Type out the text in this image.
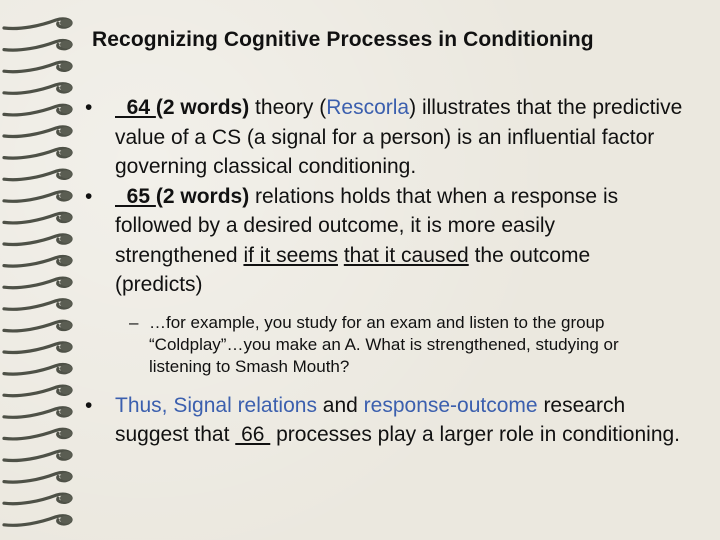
Recognizing Cognitive Processes in Conditioning
•	64 (2 words) theory (Rescorla) illustrates that the predictive value of a CS (a signal for a person) is an influential factor governing classical conditioning.
•	65 (2 words) relations holds that when a response is followed by a desired outcome, it is more easily strengthened if it seems that it caused the outcome (predicts)
– …for example, you study for an exam and listen to the group “Coldplay”…you make an A. What is strengthened, studying or listening to Smash Mouth?
•	Thus, Signal relations and response-outcome research suggest that  66  processes play a larger role in conditioning.
